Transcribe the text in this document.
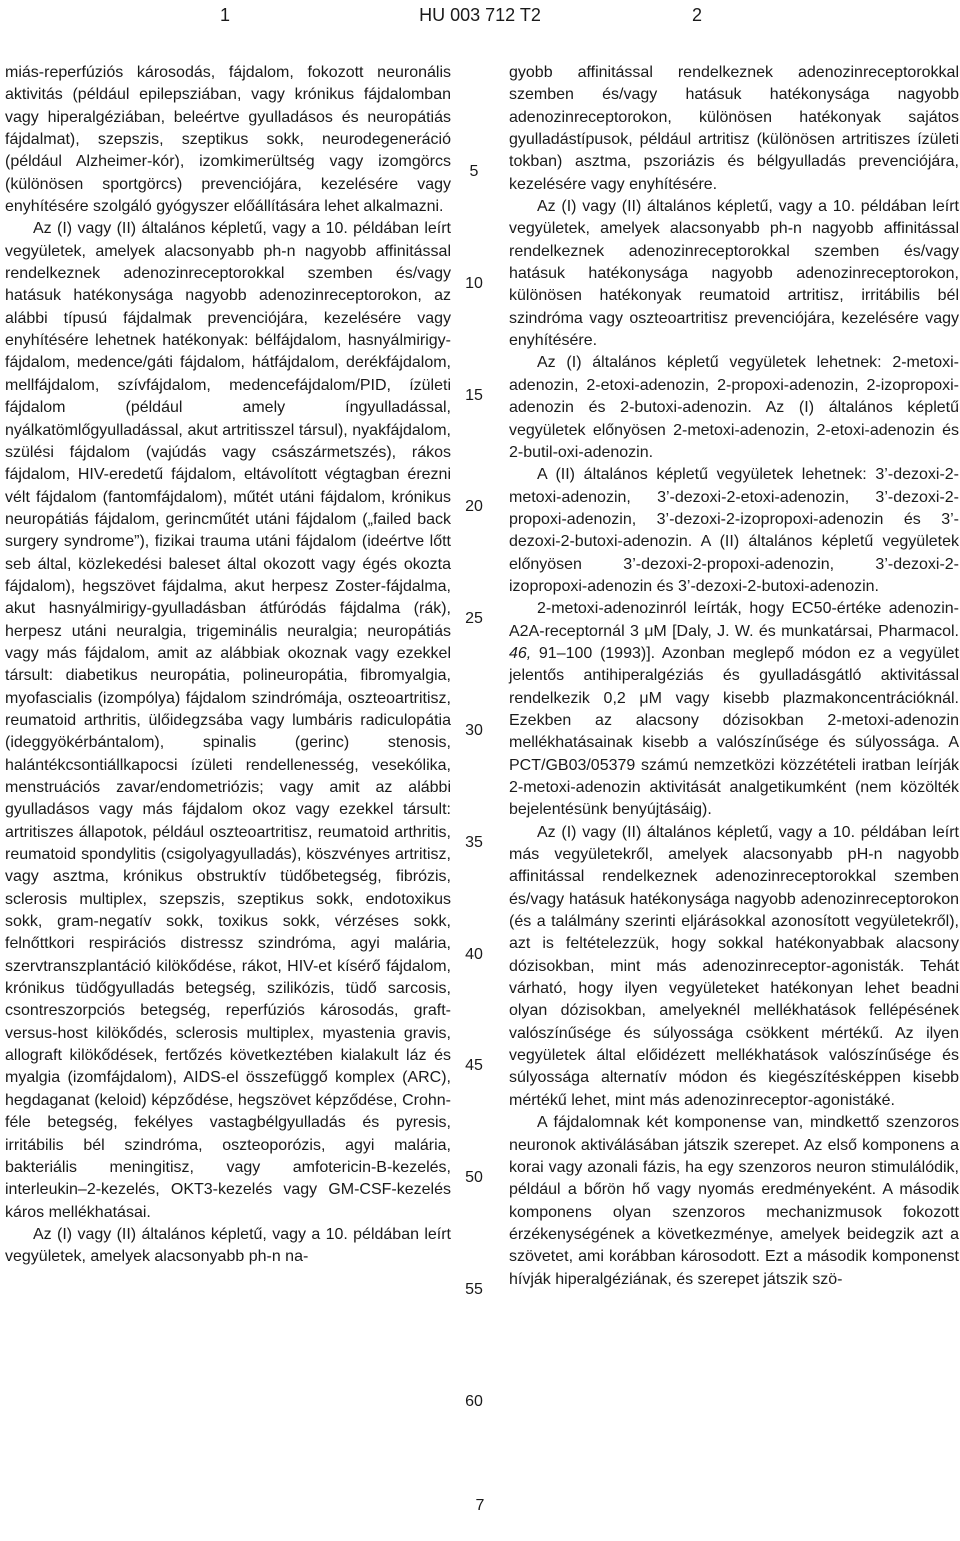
1	HU 003 712 T2	2

miás-reperfúziós károsodás, fájdalom, fokozott neuronális aktivitás (például epilepsziában, vagy krónikus fájdalomban vagy hiperalgéziában, beleértve gyulladásos és neuropátiás fájdalmat), szepszis, szeptikus sokk, neurodegeneráció (például Alzheimer-kór), izomkimerültség vagy izomgörcs (különösen sportgörcs) prevenciójára, kezelésére vagy enyhítésére szolgáló gyógyszer előállítására lehet alkalmazni.

Az (I) vagy (II) általános képletű, vagy a 10. példában leírt vegyületek, amelyek alacsonyabb ph-n nagyobb affinitással rendelkeznek adenozinreceptorokkal szemben és/vagy hatásuk hatékonysága nagyobb adenozinreceptorokon, az alábbi típusú fájdalmak prevenciójára, kezelésére vagy enyhítésére lehetnek hatékonyak: bélfájdalom, hasnyálmirigy-fájdalom, medence/gáti fájdalom, hátfájdalom, derékfájdalom, mellfájdalom, szívfájdalom, medencefájdalom/PID, ízületi fájdalom (például amely íngyulladással, nyálkatömlőgyulladással, akut artritisszel társul), nyakfájdalom, szülési fájdalom (vajúdás vagy császármetszés), rákos fájdalom, HIV-eredetű fájdalom, eltávolított végtagban érezni vélt fájdalom (fantomfájdalom), műtét utáni fájdalom, krónikus neuropátiás fájdalom, gerincműtét utáni fájdalom („failed back surgery syndrome”), fizikai trauma utáni fájdalom (ideértve lőtt seb által, közlekedési baleset által okozott vagy égés okozta fájdalom), hegszövet fájdalma, akut herpesz Zoster-fájdalma, akut hasnyálmirigy-gyulladásban átfúródás fájdalma (rák), herpesz utáni neuralgia, trigeminális neuralgia; neuropátiás vagy más fájdalom, amit az alábbiak okoznak vagy ezekkel társult: diabetikus neuropátia, polineuropátia, fibromyalgia, myofascialis (izompólya) fájdalom szindrómája, oszteoartritisz, reumatoid arthritis, ülőidegzsába vagy lumbáris radiculopátia (ideggyökérbántalom), spinalis (gerinc) stenosis, halántékcsontiállkapocsi ízületi rendellenesség, vesekólika, menstruációs zavar/endometriózis; vagy amit az alábbi gyulladásos vagy más fájdalom okoz vagy ezekkel társult: artritiszes állapotok, például oszteoartritisz, reumatoid arthritis, reumatoid spondylitis (csigolyagyulladás), köszvényes artritisz, vagy asztma, krónikus obstruktív tüdőbetegség, fibrózis, sclerosis multiplex, szepszis, szeptikus sokk, endotoxikus sokk, gram-negatív sokk, toxikus sokk, vérzéses sokk, felnőttkori respirációs distressz szindróma, agyi malária, szervtranszplantáció kilökődése, rákot, HIV-et kísérő fájdalom, krónikus tüdőgyulladás betegség, szilikózis, tüdő sarcosis, csontreszorpciós betegség, reperfúziós károsodás, graft-versus-host kilökődés, sclerosis multiplex, myastenia gravis, allograft kilökődések, fertőzés következtében kialakult láz és myalgia (izomfájdalom), AIDS-el összefüggő komplex (ARC), hegdaganat (keloid) képződése, hegszövet képződése, Crohn-féle betegség, fekélyes vastagbélgyulladás és pyresis, irritábilis bél szindróma, oszteoporózis, agyi malária, bakteriális meningitisz, vagy amfotericin-B-kezelés, interleukin–2-kezelés, OKT3-kezelés vagy GM-CSF-kezelés káros mellékhatásai.

Az (I) vagy (II) általános képletű, vagy a 10. példában leírt vegyületek, amelyek alacsonyabb ph-n na-

gyobb affinitással rendelkeznek adenozinreceptorokkal szemben és/vagy hatásuk hatékonysága nagyobb adenozinreceptorokon, különösen hatékonyak sajátos gyulladástípusok, például artritisz (különösen artritiszes ízületi tokban) asztma, pszoriázis és bélgyulladás prevenciójára, kezelésére vagy enyhítésére.

Az (I) vagy (II) általános képletű, vagy a 10. példában leírt vegyületek, amelyek alacsonyabb ph-n nagyobb affinitással rendelkeznek adenozinreceptorokkal szemben és/vagy hatásuk hatékonysága nagyobb adenozinreceptorokon, különösen hatékonyak reumatoid artritisz, irritábilis bél szindróma vagy oszteoartritisz prevenciójára, kezelésére vagy enyhítésére.

Az (I) általános képletű vegyületek lehetnek: 2-metoxi-adenozin, 2-etoxi-adenozin, 2-propoxi-adenozin, 2-izopropoxi-adenozin és 2-butoxi-adenozin. Az (I) általános képletű vegyületek előnyösen 2-metoxi-adenozin, 2-etoxi-adenozin és 2-butil-oxi-adenozin.

A (II) általános képletű vegyületek lehetnek: 3’-dezoxi-2-metoxi-adenozin, 3’-dezoxi-2-etoxi-adenozin, 3’-dezoxi-2-propoxi-adenozin, 3’-dezoxi-2-izopropoxi-adenozin és 3’-dezoxi-2-butoxi-adenozin. A (II) általános képletű vegyületek előnyösen 3’-dezoxi-2-propoxi-adenozin, 3’-dezoxi-2-izopropoxi-adenozin és 3’-dezoxi-2-butoxi-adenozin.

2-metoxi-adenozinról leírták, hogy EC50-értéke adenozin-A2A-receptornál 3 μM [Daly, J. W. és munkatársai, Pharmacol. 46, 91–100 (1993)]. Azonban meglepő módon ez a vegyület jelentős antihiperalgéziás és gyulladásgátló aktivitással rendelkezik 0,2 μM vagy kisebb plazmakoncentrációknál. Ezekben az alacsony dózisokban 2-metoxi-adenozin mellékhatásainak kisebb a valószínűsége és súlyossága. A PCT/GB03/05379 számú nemzetközi közzétételi iratban leírják 2-metoxi-adenozin aktivitását analgetikumként (nem közölték bejelentésünk benyújtásáig).

Az (I) vagy (II) általános képletű, vagy a 10. példában leírt más vegyületekről, amelyek alacsonyabb pH-n nagyobb affinitással rendelkeznek adenozinreceptorokkal szemben és/vagy hatásuk hatékonysága nagyobb adenozinreceptorokon (és a találmány szerinti eljárásokkal azonosított vegyületekről), azt is feltételezzük, hogy sokkal hatékonyabbak alacsony dózisokban, mint más adenozinreceptor-agonisták. Tehát várható, hogy ilyen vegyületeket hatékonyan lehet beadni olyan dózisokban, amelyeknél mellékhatások fellépésének valószínűsége és súlyossága csökkent mértékű. Az ilyen vegyületek által előidézett mellékhatások valószínűsége és súlyossága alternatív módon és kiegészítésképpen kisebb mértékű lehet, mint más adenozinreceptor-agonistáké.

A fájdalomnak két komponense van, mindkettő szenzoros neuronok aktiválásában játszik szerepet. Az első komponens a korai vagy azonali fázis, ha egy szenzoros neuron stimulálódik, például a bőrön hő vagy nyomás eredményeként. A második komponens olyan szenzoros mechanizmusok fokozott érzékenységének a következménye, amelyek beidegzik azt a szövetet, ami korábban károsodott. Ezt a második komponenst hívják hiperalgéziának, és szerepet játszik szö-

5
10
15
20
25
30
35
40
45
50
55
60
7
